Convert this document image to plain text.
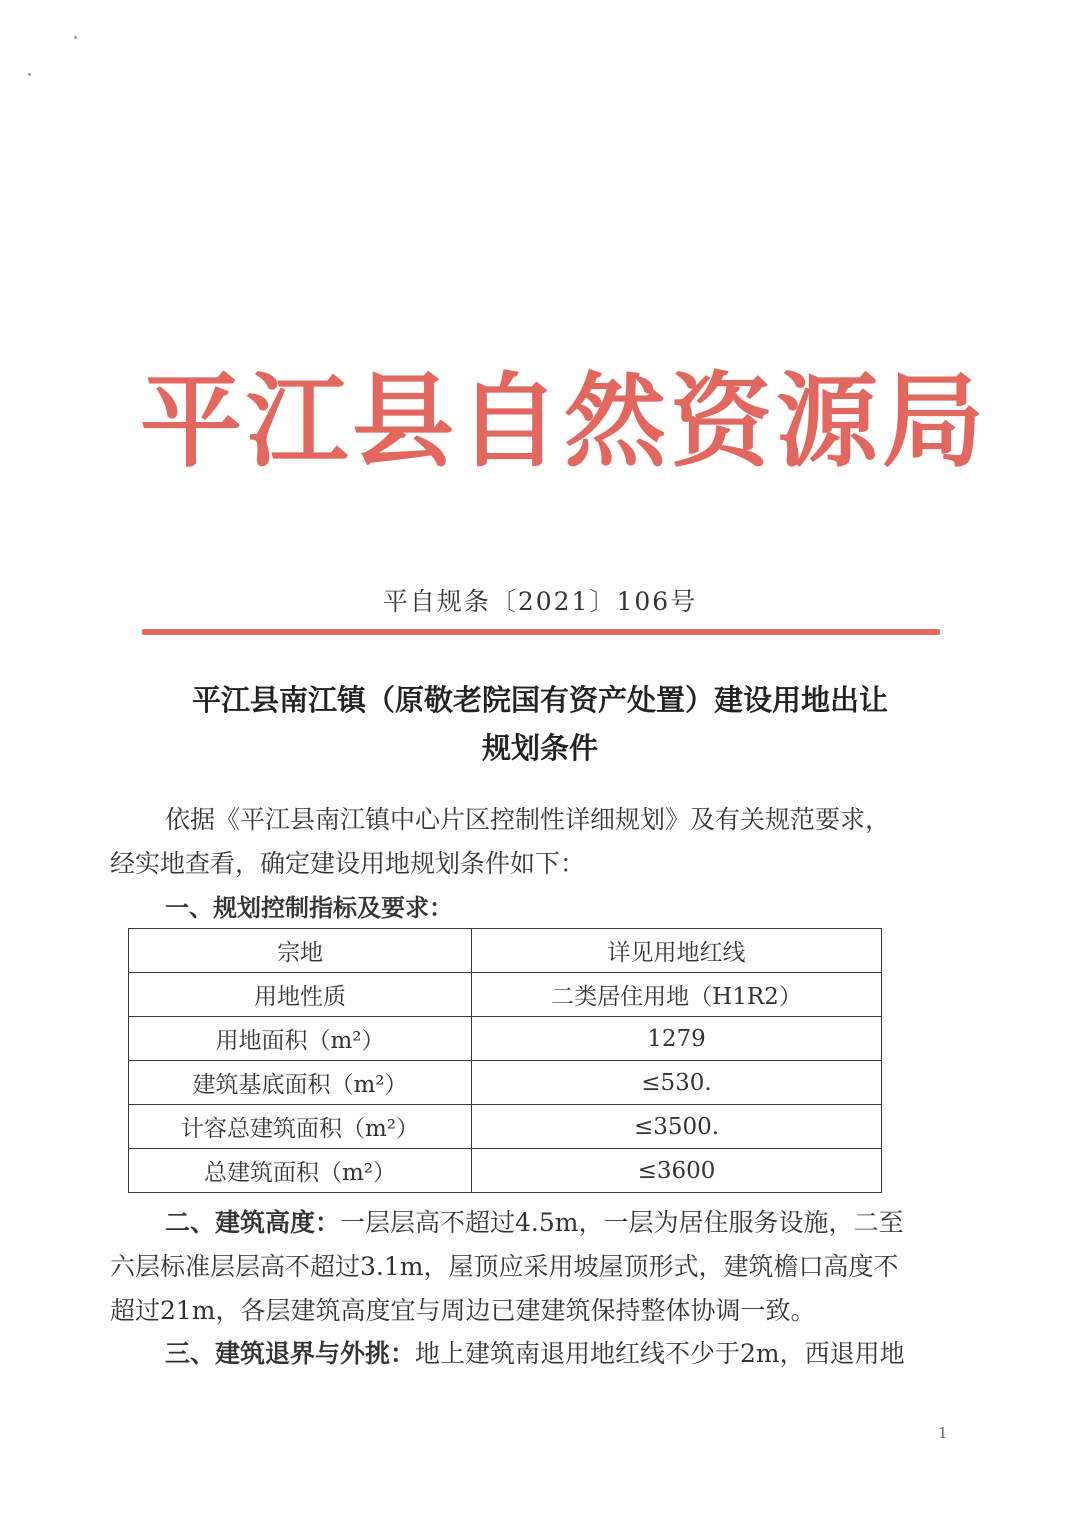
平江县自然资源局
平自规条〔2021〕106号
平江县南江镇（原敬老院国有资产处置）建设用地出让
规划条件
依据《平江县南江镇中心片区控制性详细规划》及有关规范要求，
经实地查看，确定建设用地规划条件如下：
一、规划控制指标及要求：
宗地	详见用地红线
用地性质	二类居住用地（H1R2）
用地面积（m²）	1279
建筑基底面积（m²）	≤530.
计容总建筑面积（m²）	≤3500.
总建筑面积（m²）	≤3600
二、建筑高度：一层层高不超过4.5m，一层为居住服务设施，二至
六层标准层层高不超过3.1m，屋顶应采用坡屋顶形式，建筑檐口高度不
超过21m，各层建筑高度宜与周边已建建筑保持整体协调一致。
三、建筑退界与外挑：地上建筑南退用地红线不少于2m，西退用地
1
